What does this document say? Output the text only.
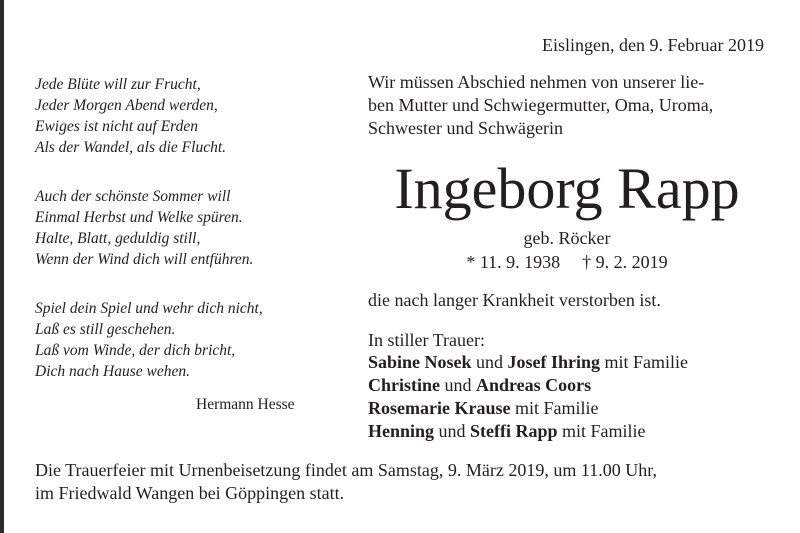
Eislingen, den 9. Februar 2019
Jede Blüte will zur Frucht,
Jeder Morgen Abend werden,
Ewiges ist nicht auf Erden
Als der Wandel, als die Flucht.
Auch der schönste Sommer will
Einmal Herbst und Welke spüren.
Halte, Blatt, geduldig still,
Wenn der Wind dich will entführen.
Spiel dein Spiel und wehr dich nicht,
Laß es still geschehen.
Laß vom Winde, der dich bricht,
Dich nach Hause wehen.
Hermann Hesse
Wir müssen Abschied nehmen von unserer lie-
ben Mutter und Schwiegermutter, Oma, Uroma,
Schwester und Schwägerin
Ingeborg Rapp
geb. Röcker
* 11. 9. 1938 † 9. 2. 2019
die nach langer Krankheit verstorben ist.
In stiller Trauer:
Sabine Nosek und Josef Ihring mit Familie
Christine und Andreas Coors
Rosemarie Krause mit Familie
Henning und Steffi Rapp mit Familie
Die Trauerfeier mit Urnenbeisetzung findet am Samstag, 9. März 2019, um 11.00 Uhr,
im Friedwald Wangen bei Göppingen statt.
